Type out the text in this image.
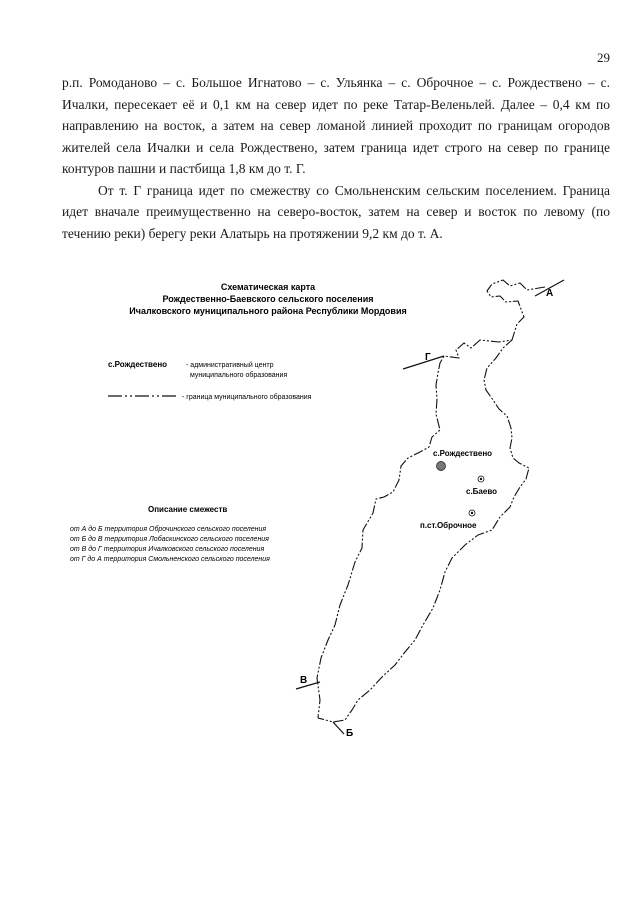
29

р.п. Ромоданово – с. Большое Игнатово – с. Ульянка – с. Оброчное – с. Рождествено – с. Ичалки, пересекает её и 0,1 км на север идет по реке Татар-Веленьлей. Далее – 0,4 км по направлению на восток, а затем на север ломаной линией проходит по границам огородов жителей села Ичалки и села Рождествено, затем граница идет строго на север по границе контуров пашни и пастбища 1,8 км до т. Г.

От т. Г граница идет по смежеству со Смольненским сельским поселением. Граница идет вначале преимущественно на северо-восток, затем на север и восток по левому (по течению реки) берегу реки Алатырь на протяжении 9,2 км до т. А.

Схематическая карта
Рождественно-Баевского сельского поселения
Ичалковского муниципального района Республики Мордовия
с.Рождествено	- административный центр
муниципального образования
- граница муниципального образования
Описание смежеств
от А до Б территория Оброчинского сельского поселения
от Б до В территория Лобаскинского сельского поселения
от В до Г территория Ичалковского сельского поселения
от Г до А территория Смольненского сельского поселения
А
Б
В
Г
с.Рождествено
с.Баево
п.ст.Оброчное
